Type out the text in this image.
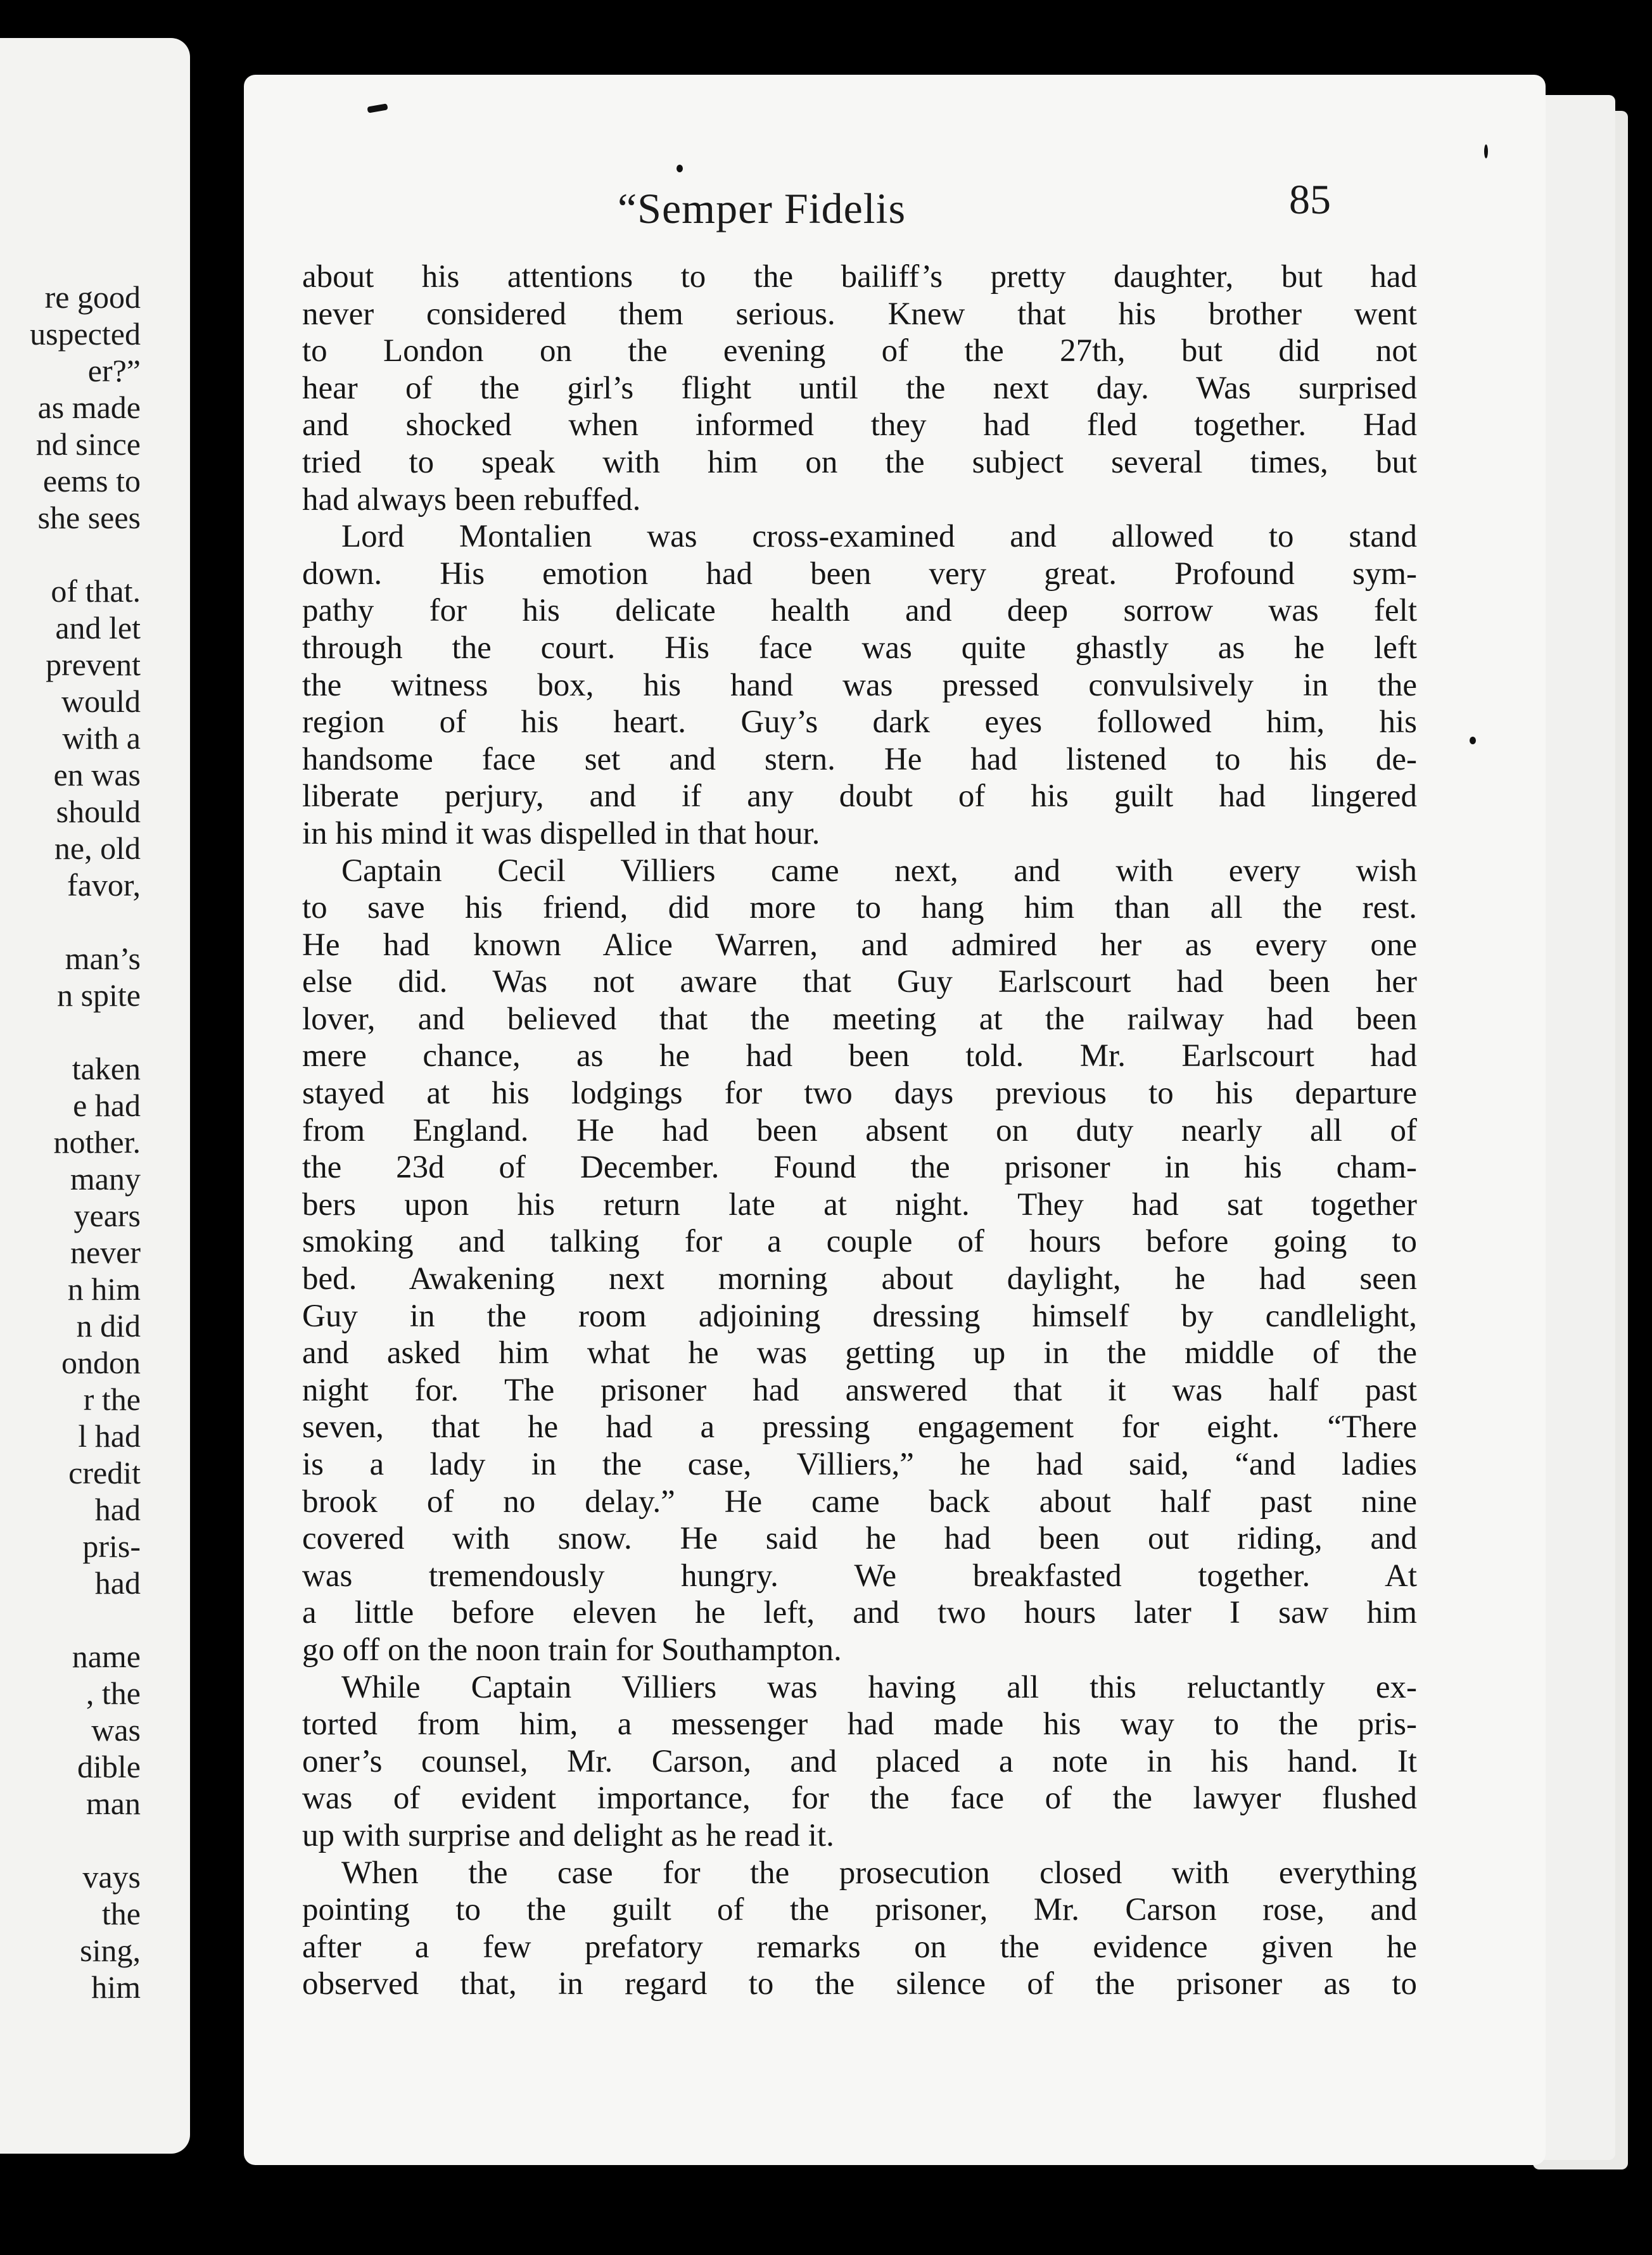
re good
uspected
er?”
as made
nd since
eems to
she sees
of that.
and let
prevent
would
with a
en was
should
ne, old
favor,
man’s
n spite
taken
e had
nother.
many
years
never
n him
n did
ondon
r the
l had
credit
had
pris-
had
name
, the
was
dible
man
vays
the
sing,
him
“Semper Fidelis	85
about his attentions to the bailiff’s pretty daughter, but had
never considered them serious. Knew that his brother went
to London on the evening of the 27th, but did not
hear of the girl’s flight until the next day. Was surprised
and shocked when informed they had fled together. Had
tried to speak with him on the subject several times, but
had always been rebuffed.
Lord Montalien was cross-examined and allowed to stand
down. His emotion had been very great. Profound sym-
pathy for his delicate health and deep sorrow was felt
through the court. His face was quite ghastly as he left
the witness box, his hand was pressed convulsively in the
region of his heart. Guy’s dark eyes followed him, his
handsome face set and stern. He had listened to his de-
liberate perjury, and if any doubt of his guilt had lingered
in his mind it was dispelled in that hour.
Captain Cecil Villiers came next, and with every wish
to save his friend, did more to hang him than all the rest.
He had known Alice Warren, and admired her as every one
else did. Was not aware that Guy Earlscourt had been her
lover, and believed that the meeting at the railway had been
mere chance, as he had been told. Mr. Earlscourt had
stayed at his lodgings for two days previous to his departure
from England. He had been absent on duty nearly all of
the 23d of December. Found the prisoner in his cham-
bers upon his return late at night. They had sat together
smoking and talking for a couple of hours before going to
bed. Awakening next morning about daylight, he had seen
Guy in the room adjoining dressing himself by candlelight,
and asked him what he was getting up in the middle of the
night for. The prisoner had answered that it was half past
seven, that he had a pressing engagement for eight. “There
is a lady in the case, Villiers,” he had said, “and ladies
brook of no delay.” He came back about half past nine
covered with snow. He said he had been out riding, and
was tremendously hungry. We breakfasted together. At
a little before eleven he left, and two hours later I saw him
go off on the noon train for Southampton.
While Captain Villiers was having all this reluctantly ex-
torted from him, a messenger had made his way to the pris-
oner’s counsel, Mr. Carson, and placed a note in his hand. It
was of evident importance, for the face of the lawyer flushed
up with surprise and delight as he read it.
When the case for the prosecution closed with everything
pointing to the guilt of the prisoner, Mr. Carson rose, and
after a few prefatory remarks on the evidence given he
observed that, in regard to the silence of the prisoner as to
